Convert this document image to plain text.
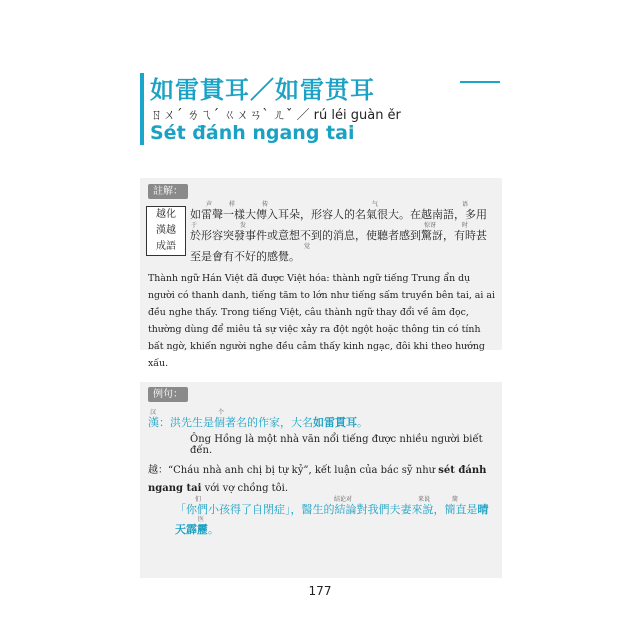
如雷貫耳／如雷贯耳
ㄖㄨˊ ㄌㄟˊ ㄍㄨㄢˋ ㄦˇ ／ rú léi guàn ěr
Sét đánh ngang tai
註解：
越化
漢越
成語
声	样	传	气	语
于	发	惊讶	时
觉
如雷聲一樣大傳入耳朵，形容人的名氣很大。在越南語，多用
於形容突發事件或意想不到的消息，使聽者感到驚訝，有時甚
至是會有不好的感覺。
Thành ngữ Hán Việt đã được Việt hóa: thành ngữ tiếng Trung ẩn dụ người có thanh danh, tiếng tăm to lớn như tiếng sấm truyền bên tai, ai ai đều nghe thấy. Trong tiếng Việt, câu thành ngữ thay đổi về âm đọc, thường dùng để miêu tả sự việc xảy ra đột ngột hoặc thông tin có tính bất ngờ, khiến người nghe đều cảm thấy kinh ngạc, đôi khi theo hướng xấu.
例句：
汉	个
漢：洪先生是個著名的作家，大名如雷貫耳。
Ông Hồng là một nhà văn nổi tiếng được nhiều người biết đến.
越：“Cháu nhà anh chị bị tự kỷ”, kết luận của bác sỹ như sét đánh ngang tai với vợ chồng tôi.
们	结论对	来说	简
医
「你們小孩得了自閉症」，醫生的結論對我們夫妻來說，簡直是晴天霹靂。
177
